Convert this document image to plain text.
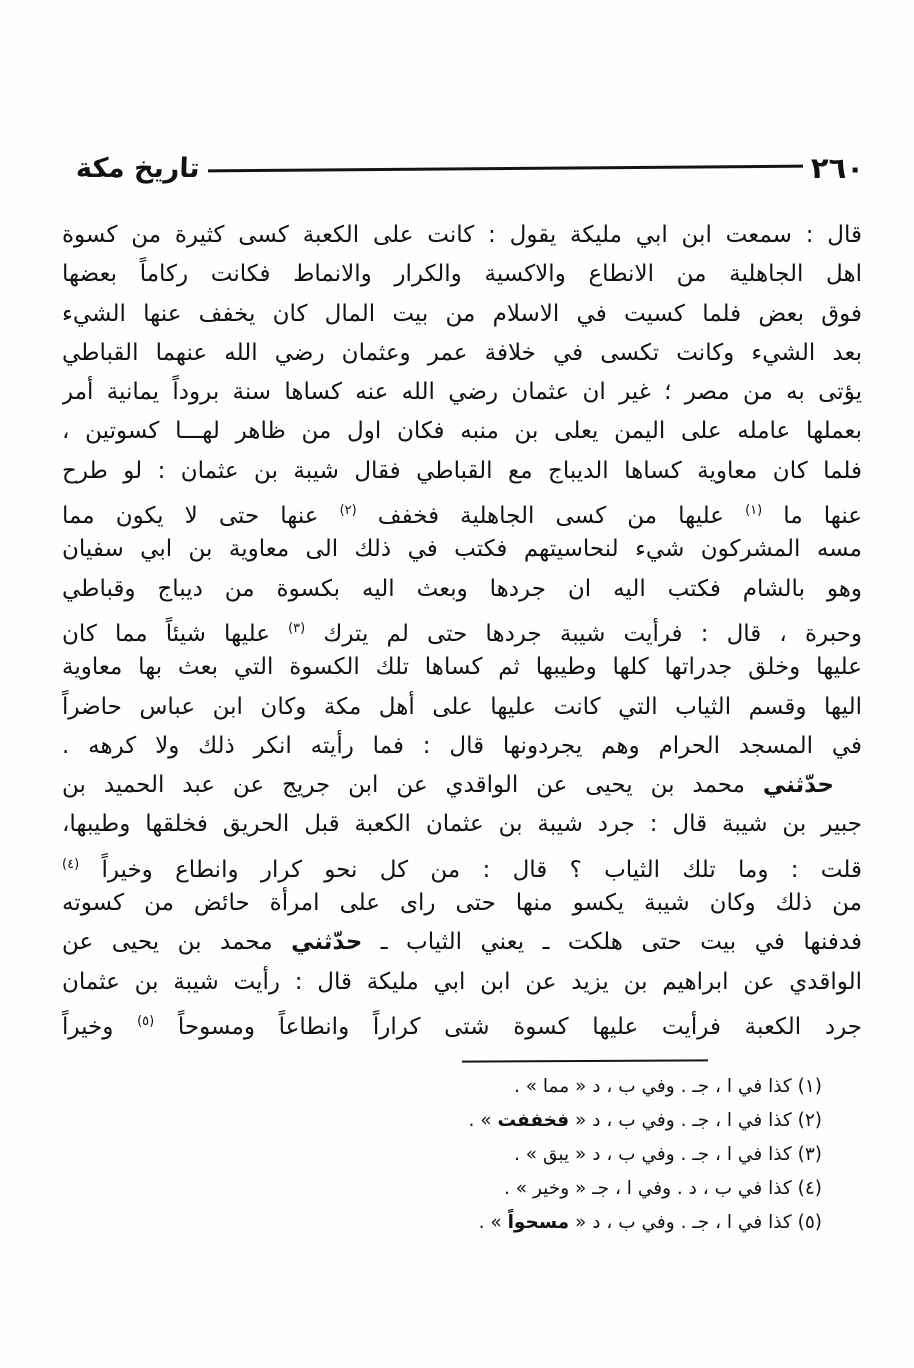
تاريخ مكة	٢٦٠
قال : سمعت ابن ابي مليكة يقول : كانت على الكعبة كسى كثيرة من كسوة
اهل الجاهلية من الانطاع والاكسية والكرار والانماط فكانت ركاماً بعضها
فوق بعض فلما كسيت في الاسلام من بيت المال كان يخفف عنها الشيء
بعد الشيء وكانت تكسى في خلافة عمر وعثمان رضي الله عنهما القباطي
يؤتى به من مصر ؛ غير ان عثمان رضي الله عنه كساها سنة بروداً يمانية أمر
بعملها عامله على اليمن يعلى بن منبه فكان اول من ظاهر لهـــا كسوتين ،
فلما كان معاوية كساها الديباج مع القباطي فقال شيبة بن عثمان : لو طرح
عنها ما $^{(١)}$ عليها من كسى الجاهلية فخفف $^{(٢)}$ عنها حتى لا يكون مما
مسه المشركون شيء لنحاسيتهم فكتب في ذلك الى معاوية بن ابي سفيان
وهو بالشام فكتب اليه ان جردها وبعث اليه بكسوة من ديباج وقباطي
وحبرة ، قال : فرأيت شيبة جردها حتى لم يترك $^{(٣)}$ عليها شيئاً مما كان
عليها وخلق جدراتها كلها وطيبها ثم كساها تلك الكسوة التي بعث بها معاوية
اليها وقسم الثياب التي كانت عليها على أهل مكة وكان ابن عباس حاضراً
في المسجد الحرام وهم يجردونها قال : فما رأيته انكر ذلك ولا كرهه .
حدّثني محمد بن يحيى عن الواقدي عن ابن جريج عن عبد الحميد بن
جبير بن شيبة قال : جرد شيبة بن عثمان الكعبة قبل الحريق فخلقها وطيبها،
قلت : وما تلك الثياب ؟ قال : من كل نحو كرار وانطاع وخيراً $^{(٤)}$
من ذلك وكان شيبة يكسو منها حتى راى على امرأة حائض من كسوته
فدفنها في بيت حتى هلكت ـ يعني الثياب ـ حدّثني محمد بن يحيى عن
الواقدي عن ابراهيم بن يزيد عن ابن ابي مليكة قال : رأيت شيبة بن عثمان
جرد الكعبة فرأيت عليها كسوة شتى كراراً وانطاعاً ومسوحاً $^{(٥)}$ وخيراً
(١) كذا في ا ، جـ . وفي ب ، د « مما » .
(٢) كذا في ا ، جـ . وفي ب ، د « فخففت » .
(٣) كذا في ا ، جـ . وفي ب ، د « يبق » .
(٤) كذا في ب ، د . وفي ا ، جـ « وخير » .
(٥) كذا في ا ، جـ . وفي ب ، د « مسحواً » .
